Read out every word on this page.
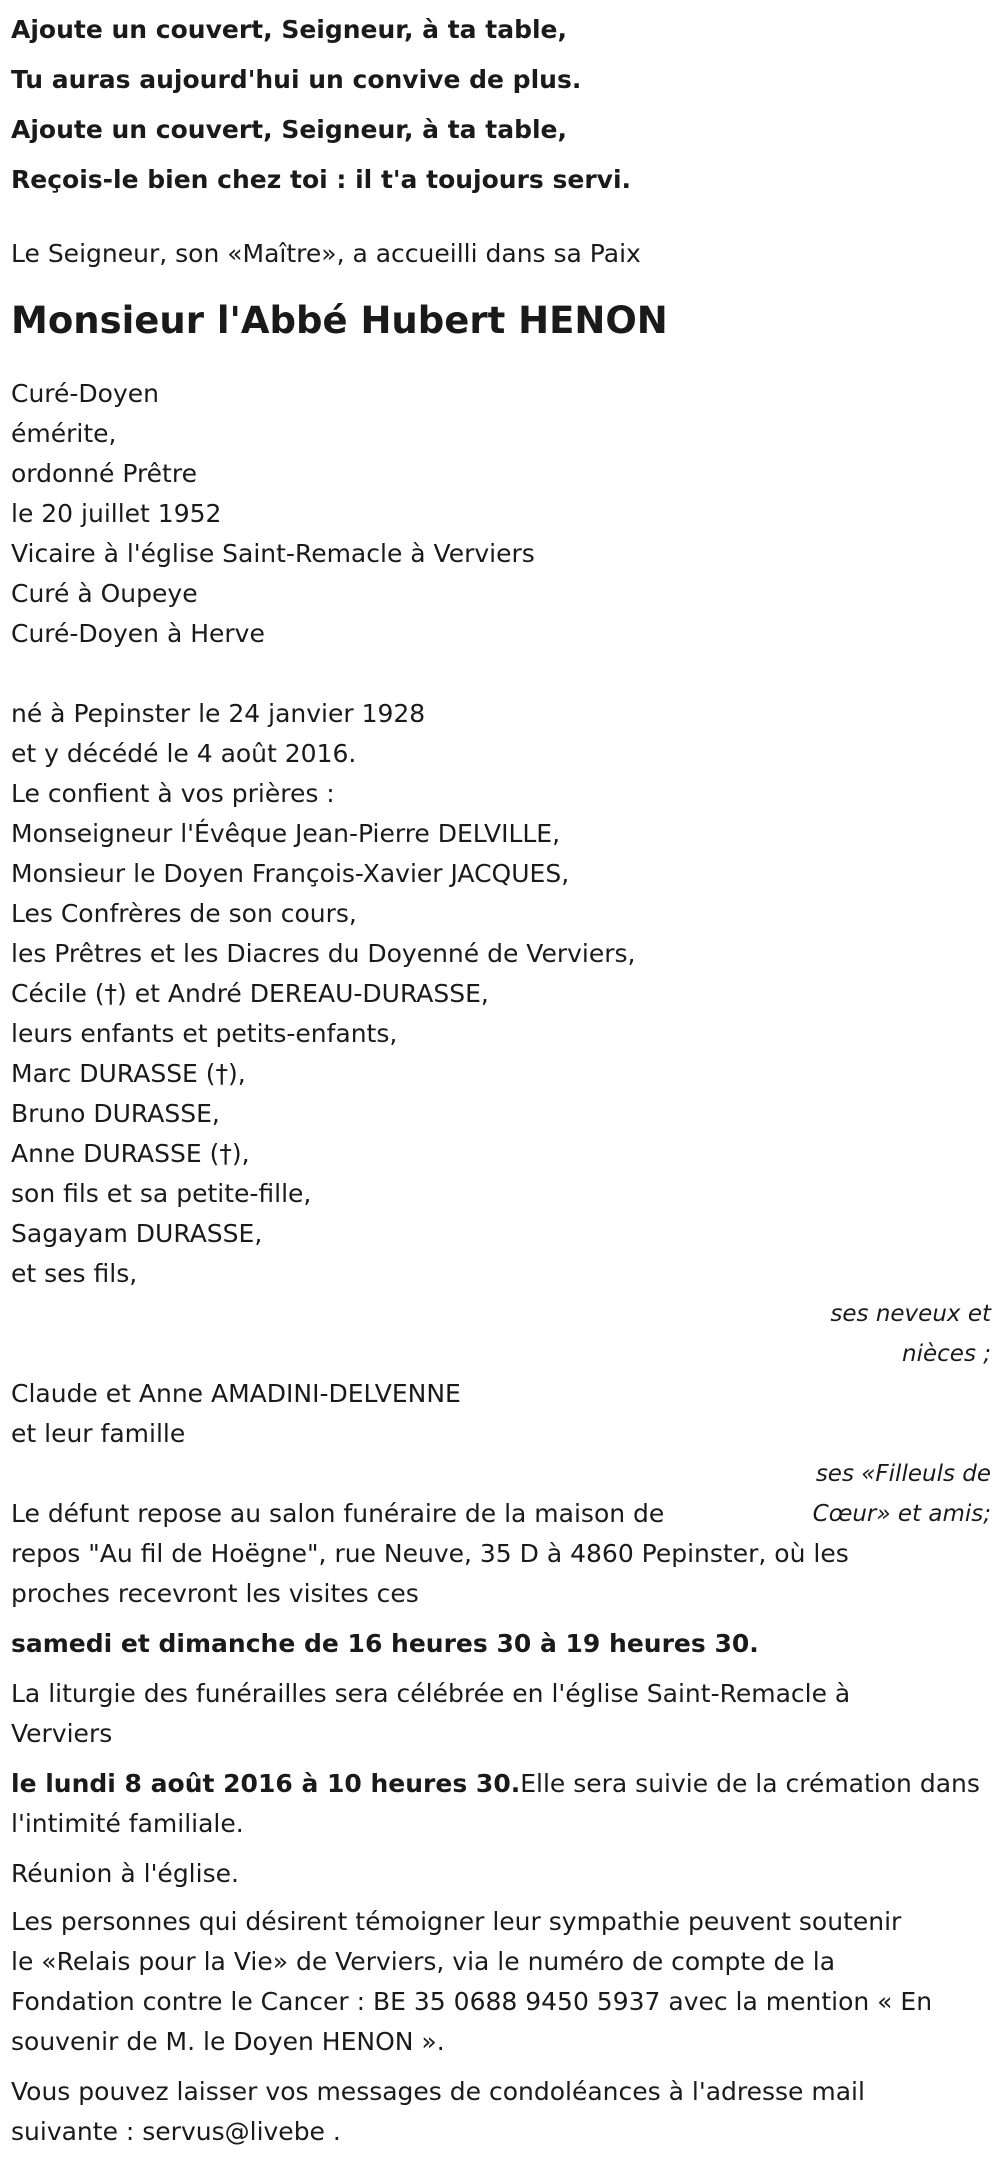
Ajoute un couvert, Seigneur, à ta table,
Tu auras aujourd'hui un convive de plus.
Ajoute un couvert, Seigneur, à ta table,
Reçois-le bien chez toi : il t'a toujours servi.
Le Seigneur, son «Maître», a accueilli dans sa Paix
Monsieur l'Abbé Hubert HENON
Curé-Doyen
émérite,
ordonné Prêtre
le 20 juillet 1952
Vicaire à l'église Saint-Remacle à Verviers
Curé à Oupeye
Curé-Doyen à Herve
né à Pepinster le 24 janvier 1928
et y décédé le 4 août 2016.
Le confient à vos prières :
Monseigneur l'Évêque Jean-Pierre DELVILLE,
Monsieur le Doyen François-Xavier JACQUES,
Les Confrères de son cours,
les Prêtres et les Diacres du Doyenné de Verviers,
Cécile (†) et André DEREAU-DURASSE,
leurs enfants et petits-enfants,
Marc DURASSE (†),
Bruno DURASSE,
Anne DURASSE (†),
son fils et sa petite-fille,
Sagayam DURASSE,
et ses fils,
ses neveux et
nièces ;
Claude et Anne AMADINI-DELVENNE
et leur famille
ses «Filleuls de
Cœur» et amis;
Le défunt repose au salon funéraire de la maison de
repos "Au fil de Hoëgne", rue Neuve, 35 D à 4860 Pepinster, où les
proches recevront les visites ces
samedi et dimanche de 16 heures 30 à 19 heures 30.
La liturgie des funérailles sera célébrée en l'église Saint-Remacle à
Verviers
le lundi 8 août 2016 à 10 heures 30.Elle sera suivie de la crémation dans
l'intimité familiale.
Réunion à l'église.
Les personnes qui désirent témoigner leur sympathie peuvent soutenir
le «Relais pour la Vie» de Verviers, via le numéro de compte de la
Fondation contre le Cancer : BE 35 0688 9450 5937 avec la mention « En
souvenir de M. le Doyen HENON ».
Vous pouvez laisser vos messages de condoléances à l'adresse mail
suivante : servus@livebe .
